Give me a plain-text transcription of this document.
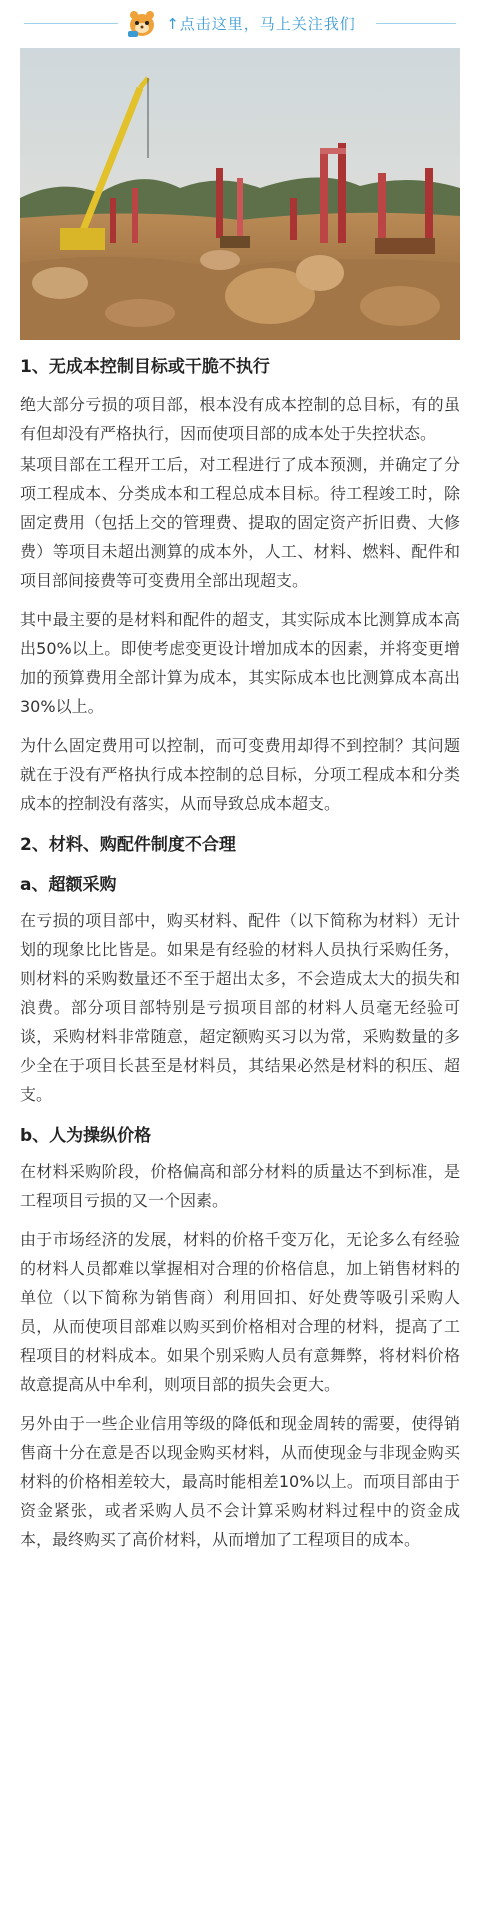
↑点击这里，马上关注我们
1、无成本控制目标或干脆不执行

绝大部分亏损的项目部，根本没有成本控制的总目标，有的虽有但却没有严格执行，因而使项目部的成本处于失控状态。

某项目部在工程开工后，对工程进行了成本预测，并确定了分项工程成本、分类成本和工程总成本目标。待工程竣工时，除固定费用（包括上交的管理费、提取的固定资产折旧费、大修费）等项目未超出测算的成本外，人工、材料、燃料、配件和项目部间接费等可变费用全部出现超支。

其中最主要的是材料和配件的超支，其实际成本比测算成本高出50%以上。即使考虑变更设计增加成本的因素，并将变更增加的预算费用全部计算为成本，其实际成本也比测算成本高出30%以上。

为什么固定费用可以控制，而可变费用却得不到控制？其问题就在于没有严格执行成本控制的总目标，分项工程成本和分类成本的控制没有落实，从而导致总成本超支。

2、材料、购配件制度不合理
a、超额采购

在亏损的项目部中，购买材料、配件（以下简称为材料）无计划的现象比比皆是。如果是有经验的材料人员执行采购任务，则材料的采购数量还不至于超出太多，不会造成太大的损失和浪费。部分项目部特别是亏损项目部的材料人员毫无经验可谈，采购材料非常随意，超定额购买习以为常，采购数量的多少全在于项目长甚至是材料员，其结果必然是材料的积压、超支。

b、人为操纵价格

在材料采购阶段，价格偏高和部分材料的质量达不到标准，是工程项目亏损的又一个因素。

由于市场经济的发展，材料的价格千变万化，无论多么有经验的材料人员都难以掌握相对合理的价格信息，加上销售材料的单位（以下简称为销售商）利用回扣、好处费等吸引采购人员，从而使项目部难以购买到价格相对合理的材料，提高了工程项目的材料成本。如果个别采购人员有意舞弊，将材料价格故意提高从中牟利，则项目部的损失会更大。

另外由于一些企业信用等级的降低和现金周转的需要，使得销售商十分在意是否以现金购买材料，从而使现金与非现金购买材料的价格相差较大，最高时能相差10%以上。而项目部由于资金紧张，或者采购人员不会计算采购材料过程中的资金成本，最终购买了高价材料，从而增加了工程项目的成本。
